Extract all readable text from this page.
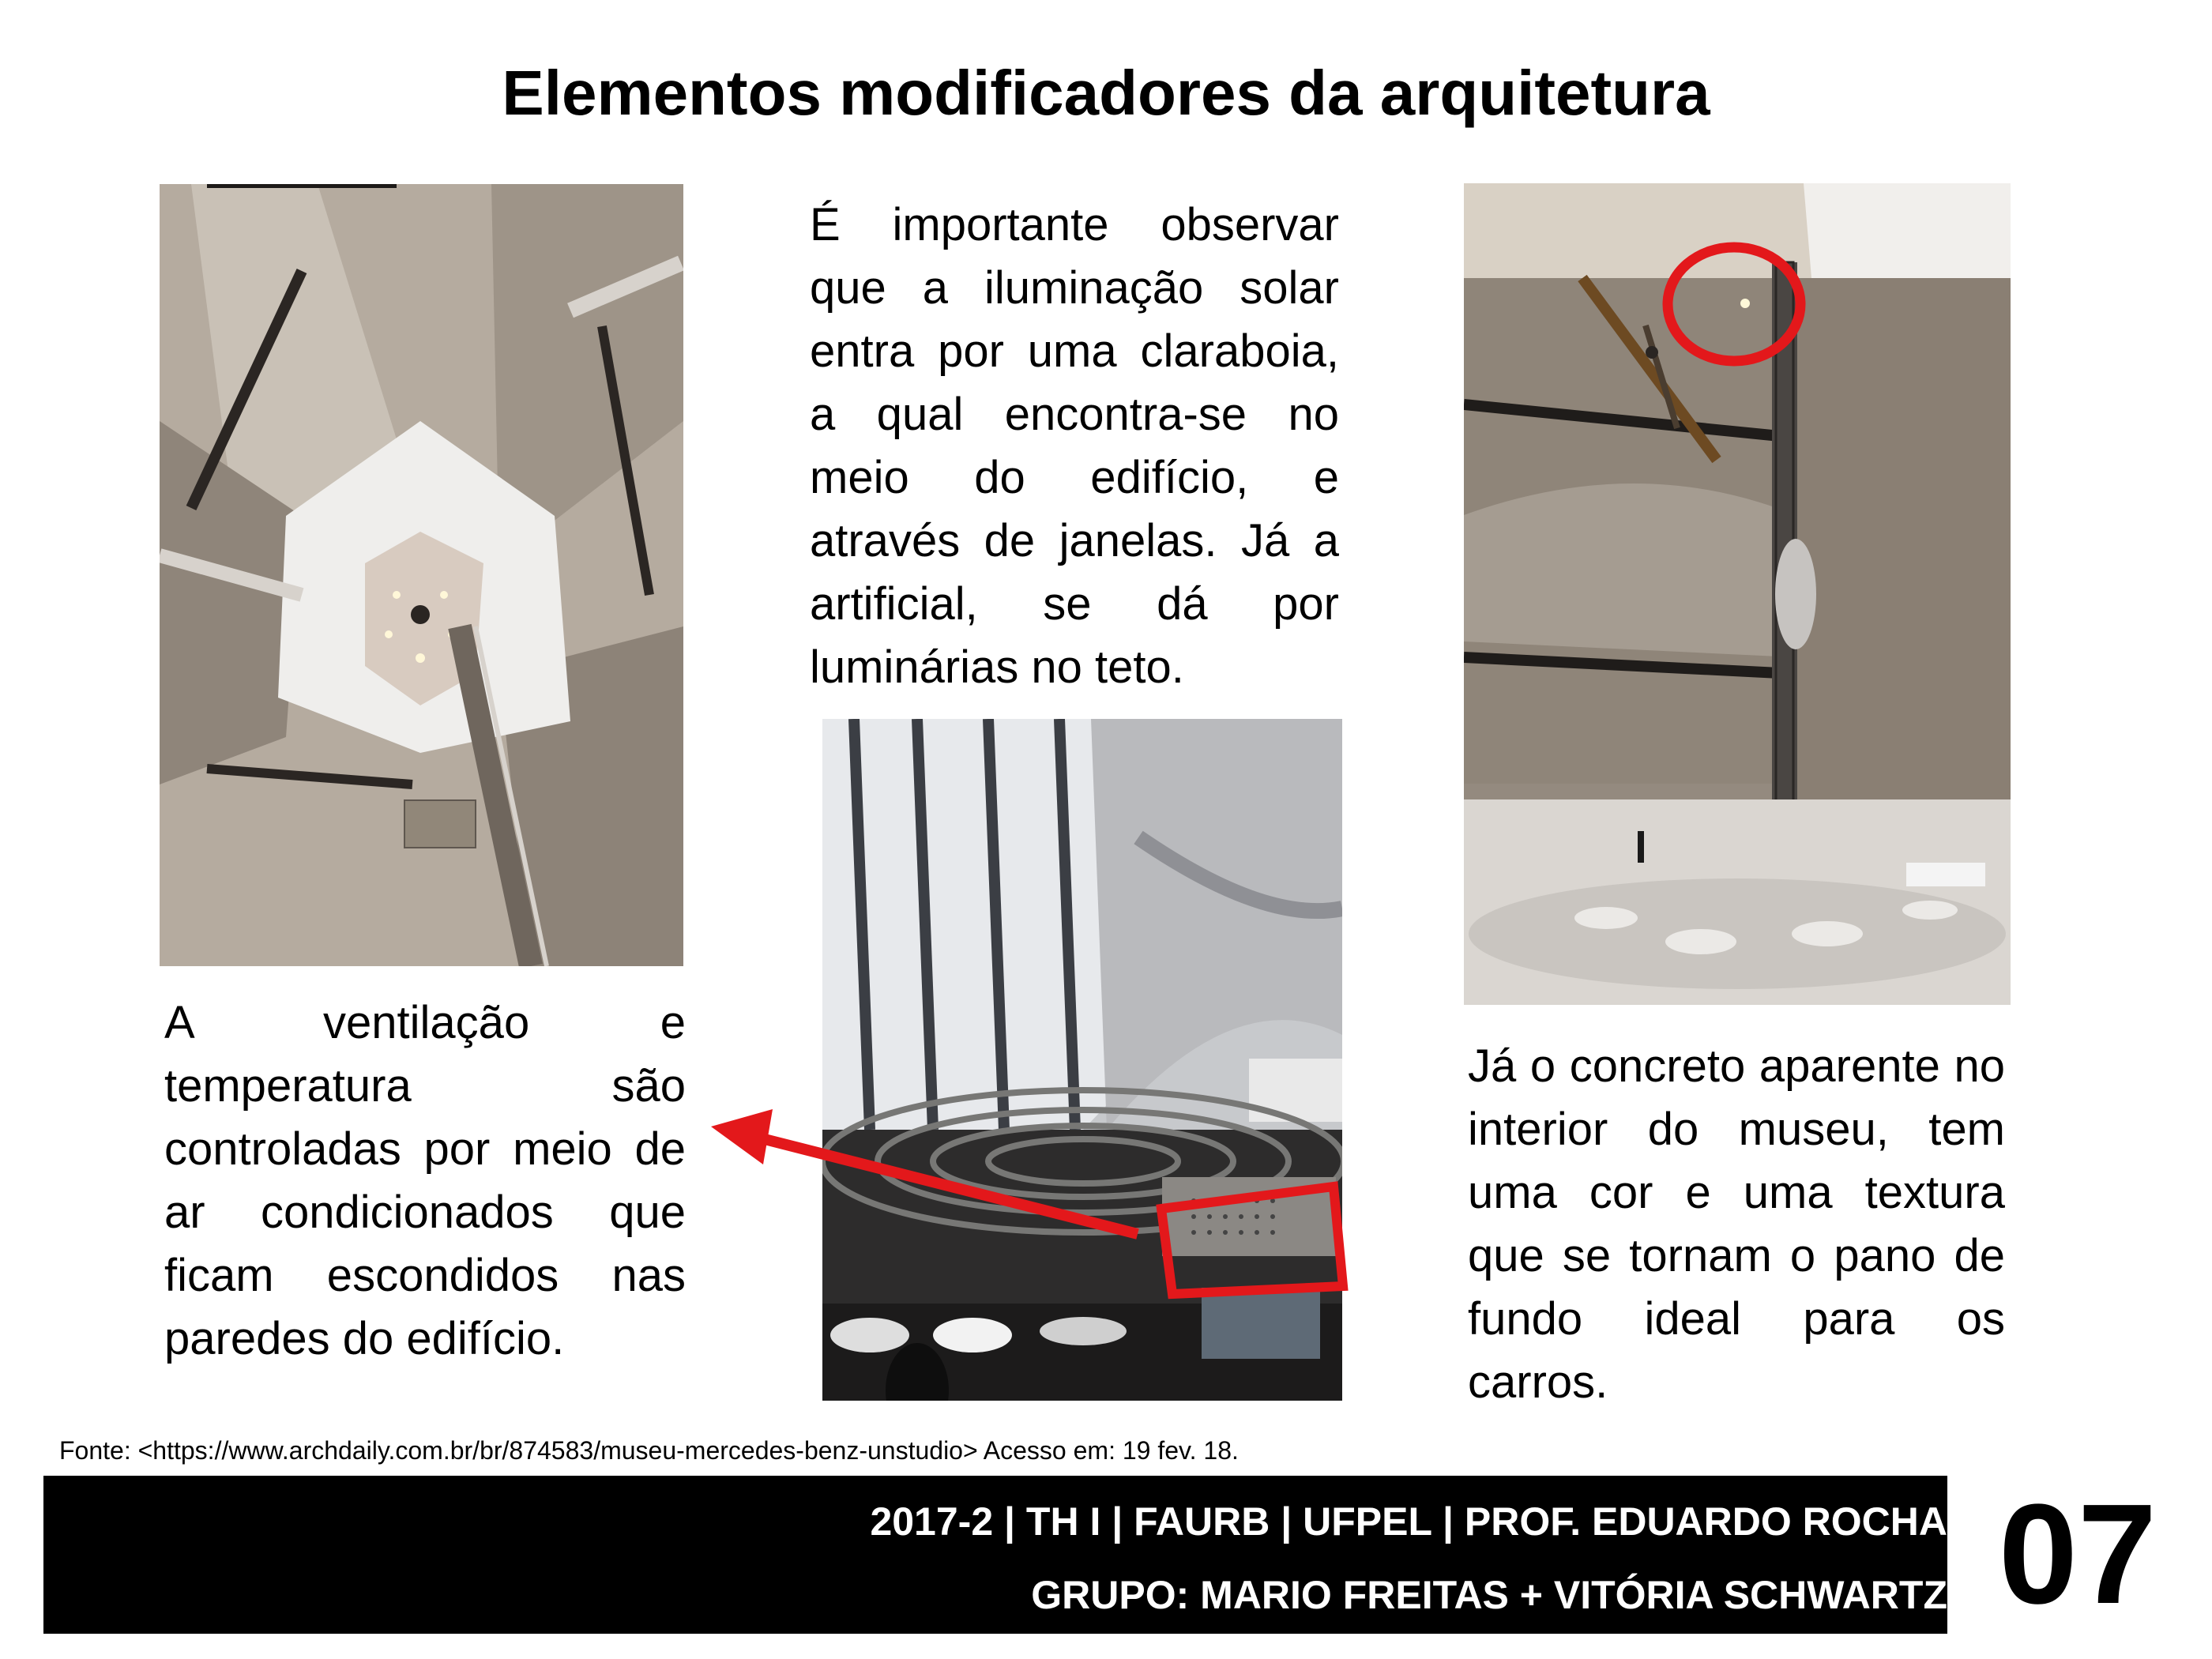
Elementos modificadores da arquitetura
É importante observar que a iluminação solar entra por uma claraboia, a qual encontra-se no meio do edifício, e através de janelas. Já a artificial, se dá por luminárias no teto.
A ventilação e temperatura são controladas por meio de ar condicionados que ficam escondidos nas paredes do edifício.
Já o concreto aparente no interior do museu, tem uma cor e uma textura que se tornam o pano de fundo ideal para os carros.
Fonte: <https://www.archdaily.com.br/br/874583/museu-mercedes-benz-unstudio> Acesso em: 19 fev. 18.
2017-2 | TH I | FAURB | UFPEL | PROF. EDUARDO ROCHA
GRUPO: MARIO FREITAS + VITÓRIA SCHWARTZ 07
